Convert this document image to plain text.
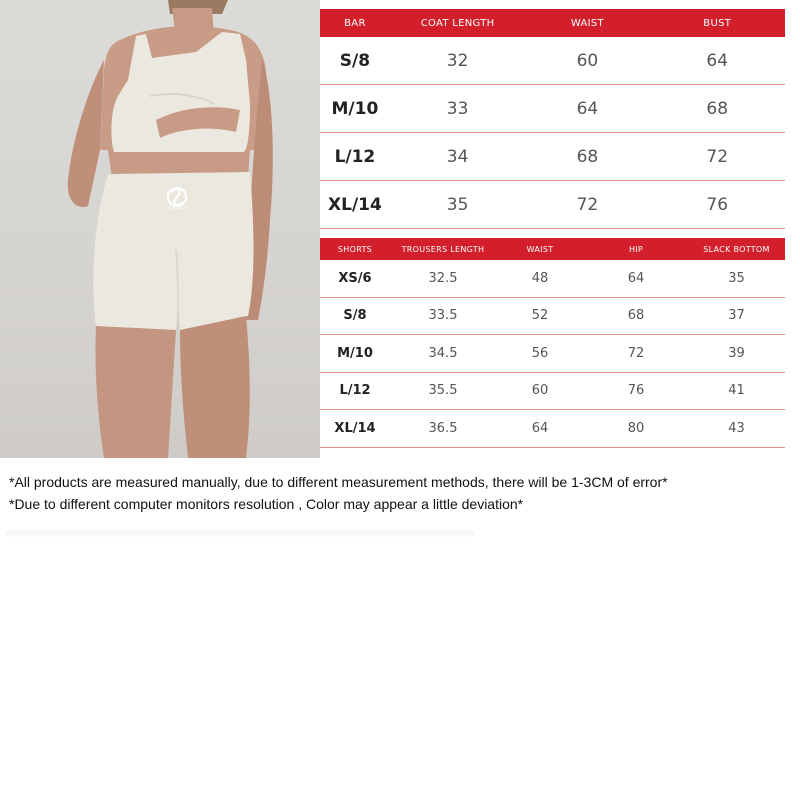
SMILE SPORTS
BAR	COAT LENGTH	WAIST	BUST
S/8	32	60	64
M/10	33	64	68
L/12	34	68	72
XL/14	35	72	76
SHORTS	TROUSERS LENGTH	WAIST	HIP	SLACK BOTTOM
XS/6	32.5	48	64	35
S/8	33.5	52	68	37
M/10	34.5	56	72	39
L/12	35.5	60	76	41
XL/14	36.5	64	80	43

*All products are measured manually, due to different measurement methods, there will be 1-3CM of error*

*Due to different computer monitors resolution , Color may appear a little deviation*
